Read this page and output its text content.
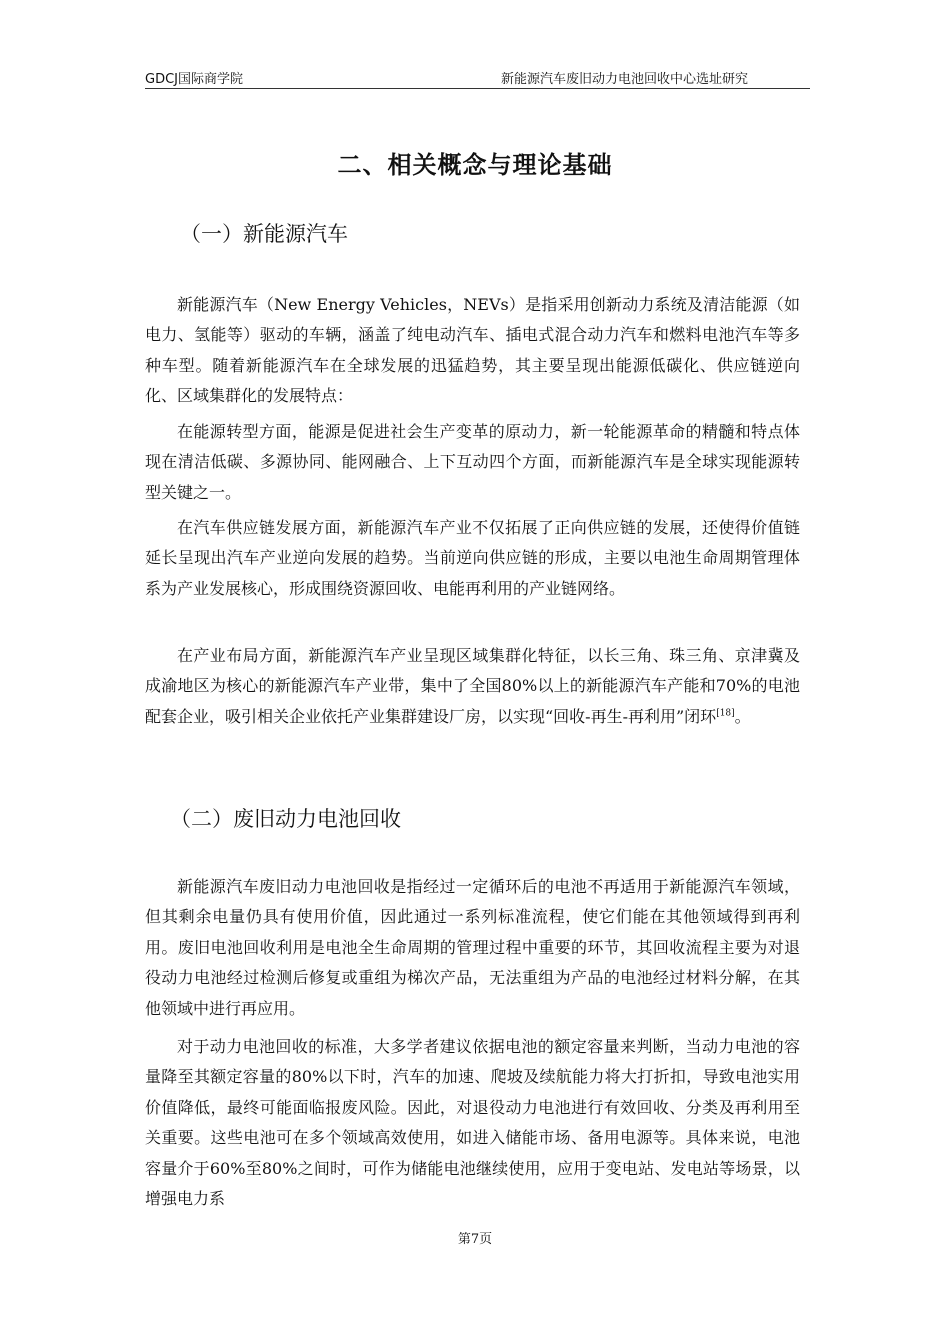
GDCJ国际商学院	新能源汽车废旧动力电池回收中心选址研究
二、相关概念与理论基础
（一）新能源汽车

新能源汽车（New Energy Vehicles，NEVs）是指采用创新动力系统及清洁能源（如电力、氢能等）驱动的车辆，涵盖了纯电动汽车、插电式混合动力汽车和燃料电池汽车等多种车型。随着新能源汽车在全球发展的迅猛趋势，其主要呈现出能源低碳化、供应链逆向化、区域集群化的发展特点：

在能源转型方面，能源是促进社会生产变革的原动力，新一轮能源革命的精髓和特点体现在清洁低碳、多源协同、能网融合、上下互动四个方面，而新能源汽车是全球实现能源转型关键之一。

在汽车供应链发展方面，新能源汽车产业不仅拓展了正向供应链的发展，还使得价值链延长呈现出汽车产业逆向发展的趋势。当前逆向供应链的形成，主要以电池生命周期管理体系为产业发展核心，形成围绕资源回收、电能再利用的产业链网络。

在产业布局方面，新能源汽车产业呈现区域集群化特征，以长三角、珠三角、京津冀及成渝地区为核心的新能源汽车产业带，集中了全国80%以上的新能源汽车产能和70%的电池配套企业，吸引相关企业依托产业集群建设厂房，以实现“回收-再生-再利用”闭环[18]。

（二）废旧动力电池回收

新能源汽车废旧动力电池回收是指经过一定循环后的电池不再适用于新能源汽车领域，但其剩余电量仍具有使用价值，因此通过一系列标准流程，使它们能在其他领域得到再利用。废旧电池回收利用是电池全生命周期的管理过程中重要的环节，其回收流程主要为对退役动力电池经过检测后修复或重组为梯次产品，无法重组为产品的电池经过材料分解，在其他领域中进行再应用。

对于动力电池回收的标准，大多学者建议依据电池的额定容量来判断，当动力电池的容量降至其额定容量的80%以下时，汽车的加速、爬坡及续航能力将大打折扣，导致电池实用价值降低，最终可能面临报废风险。因此，对退役动力电池进行有效回收、分类及再利用至关重要。这些电池可在多个领域高效使用，如进入储能市场、备用电源等。具体来说，电池容量介于60%至80%之间时，可作为储能电池继续使用，应用于变电站、发电站等场景，以增强电力系

第7页
